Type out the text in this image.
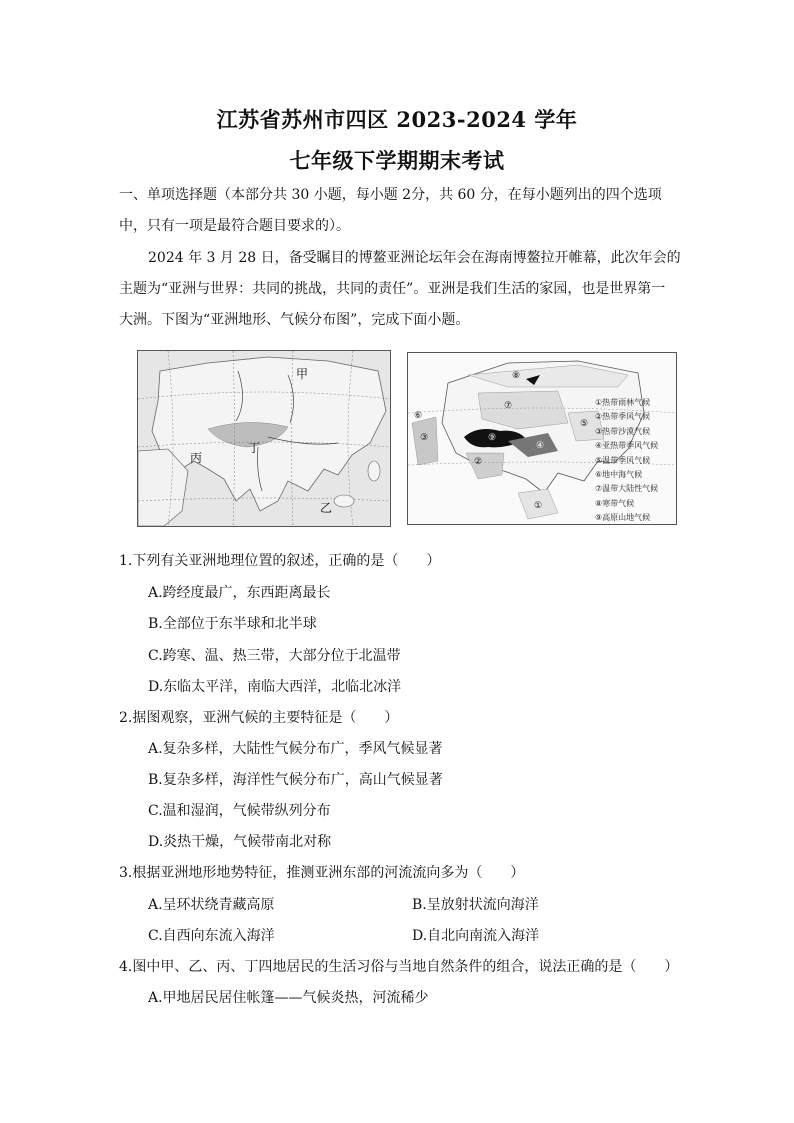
江苏省苏州市四区 2023-2024 学年
七年级下学期期末考试
一、单项选择题（本部分共 30 小题，每小题 2分，共 60 分，在每小题列出的四个选项
中，只有一项是最符合题目要求的）。
2024 年 3 月 28 日，备受瞩目的博鳌亚洲论坛年会在海南博鳌拉开帷幕，此次年会的
主题为“亚洲与世界：共同的挑战，共同的责任”。亚洲是我们生活的家园，也是世界第一
大洲。下图为“亚洲地形、气候分布图”，完成下面小题。
甲
乙
丙
丁
①
②
③
④
⑤
⑥
⑦
⑧
⑨
①热带雨林气候
②热带季风气候
③热带沙漠气候
④亚热带季风气候
⑤温带季风气候
⑥地中海气候
⑦温带大陆性气候
⑧寒带气候
⑨高原山地气候
1.下列有关亚洲地理位置的叙述，正确的是（　　）
A.跨经度最广，东西距离最长
B.全部位于东半球和北半球
C.跨寒、温、热三带，大部分位于北温带
D.东临太平洋，南临大西洋，北临北冰洋
2.据图观察，亚洲气候的主要特征是（　　）
A.复杂多样，大陆性气候分布广，季风气候显著
B.复杂多样，海洋性气候分布广，高山气候显著
C.温和湿润，气候带纵列分布
D.炎热干燥，气候带南北对称
3.根据亚洲地形地势特征，推测亚洲东部的河流流向多为（　　）
A.呈环状绕青藏高原	B.呈放射状流向海洋
C.自西向东流入海洋	D.自北向南流入海洋
4.图中甲、乙、丙、丁四地居民的生活习俗与当地自然条件的组合，说法正确的是（　　）
A.甲地居民居住帐篷——气候炎热，河流稀少
